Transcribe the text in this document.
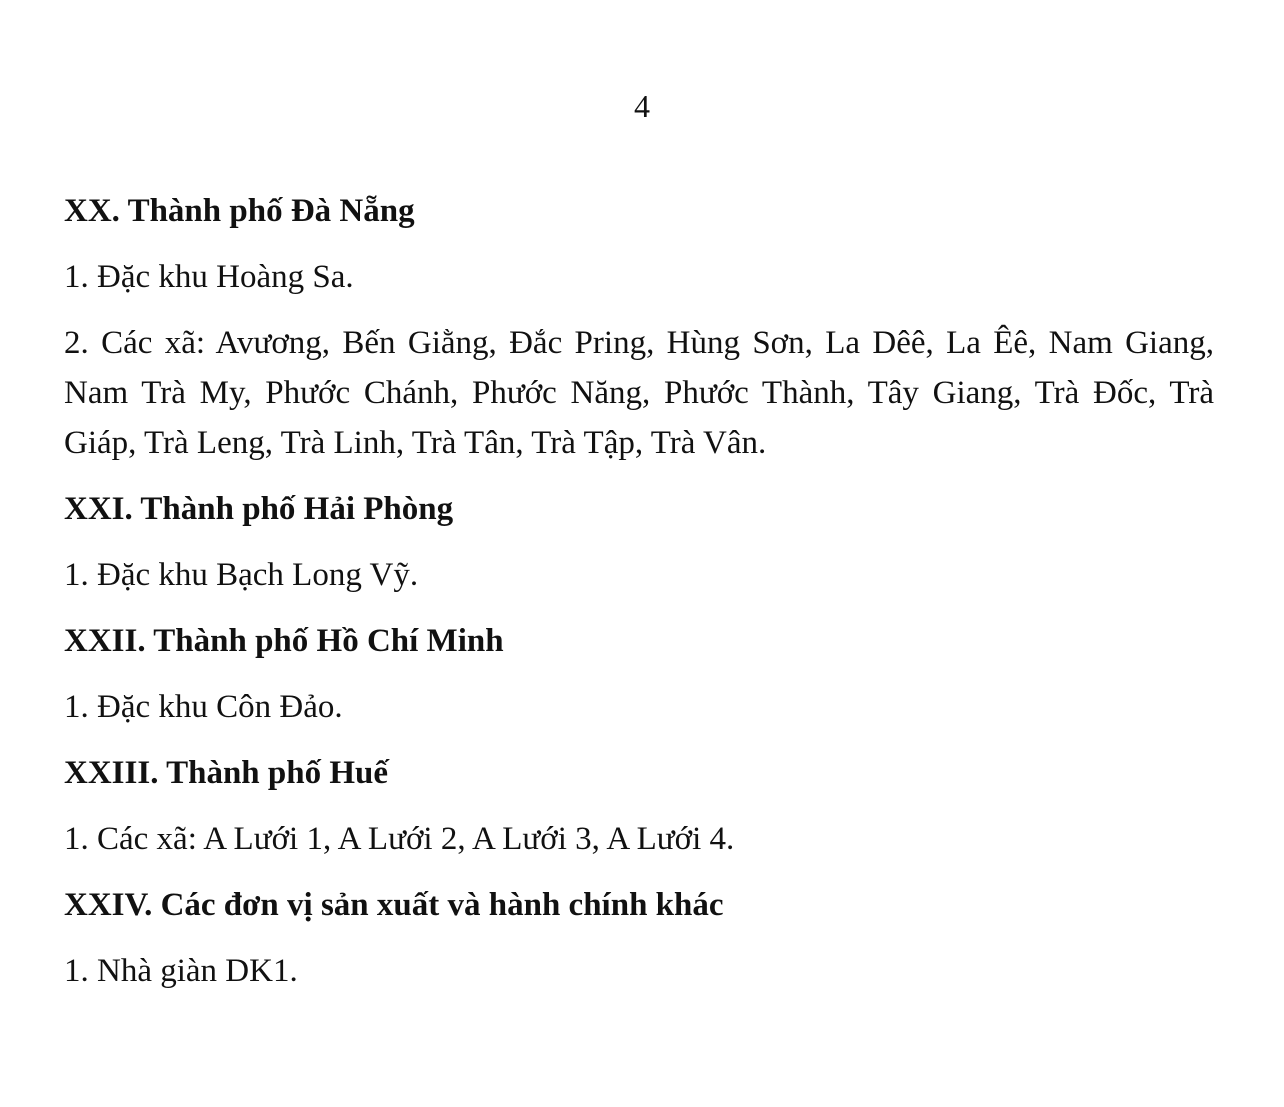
4
XX. Thành phố Đà Nẵng
1. Đặc khu Hoàng Sa.
2. Các xã: Avương, Bến Giằng, Đắc Pring, Hùng Sơn, La Dêê, La Êê, Nam Giang, Nam Trà My, Phước Chánh, Phước Năng, Phước Thành, Tây Giang, Trà Đốc, Trà Giáp, Trà Leng, Trà Linh, Trà Tân, Trà Tập, Trà Vân.
XXI. Thành phố Hải Phòng
1. Đặc khu Bạch Long Vỹ.
XXII. Thành phố Hồ Chí Minh
1. Đặc khu Côn Đảo.
XXIII. Thành phố Huế
1. Các xã: A Lưới 1, A Lưới 2, A Lưới 3, A Lưới 4.
XXIV. Các đơn vị sản xuất và hành chính khác
1. Nhà giàn DK1.
